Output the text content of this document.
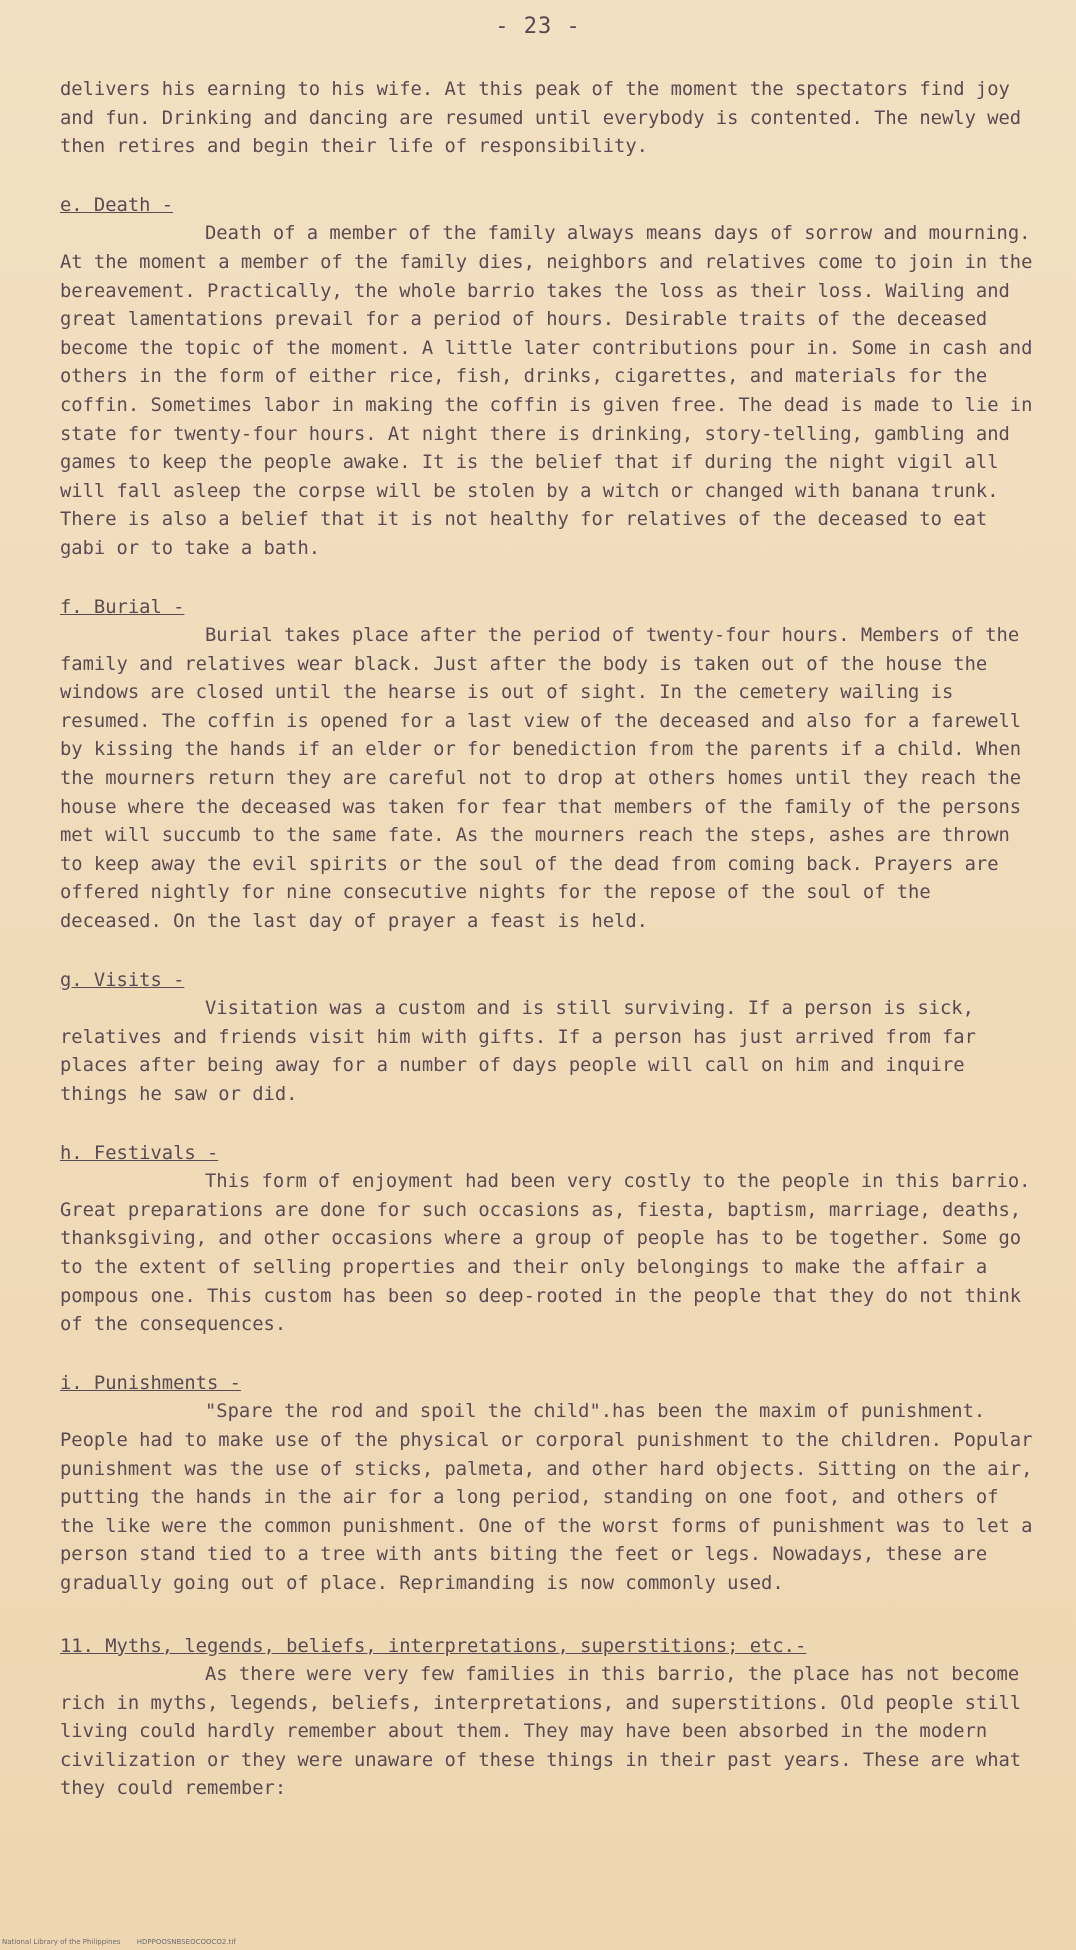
- 23 -

delivers his earning to his wife. At this peak of the moment the spectators find joy and fun. Drinking and dancing are resumed until everybody is contented. The newly wed then retires and begin their life of responsibility.

e. Death -

Death of a member of the family always means days of sorrow and mourning. At the moment a member of the family dies, neighbors and relatives come to join in the bereavement. Practically, the whole barrio takes the loss as their loss. Wailing and great lamentations prevail for a period of hours. Desirable traits of the deceased become the topic of the moment. A little later contributions pour in. Some in cash and others in the form of either rice, fish, drinks, cigarettes, and materials for the coffin. Sometimes labor in making the coffin is given free. The dead is made to lie in state for twenty-four hours. At night there is drinking, story-telling, gambling and games to keep the people awake. It is the belief that if during the night vigil all will fall asleep the corpse will be stolen by a witch or changed with banana trunk. There is also a belief that it is not healthy for relatives of the deceased to eat gabi or to take a bath.

f. Burial -

Burial takes place after the period of twenty-four hours. Members of the family and relatives wear black. Just after the body is taken out of the house the windows are closed until the hearse is out of sight. In the cemetery wailing is resumed. The coffin is opened for a last view of the deceased and also for a farewell by kissing the hands if an elder or for benediction from the parents if a child. When the mourners return they are careful not to drop at others homes until they reach the house where the deceased was taken for fear that members of the family of the persons met will succumb to the same fate. As the mourners reach the steps, ashes are thrown to keep away the evil spirits or the soul of the dead from coming back. Prayers are offered nightly for nine consecutive nights for the repose of the soul of the deceased. On the last day of prayer a feast is held.

g. Visits -

Visitation was a custom and is still surviving. If a person is sick, relatives and friends visit him with gifts. If a person has just arrived from far places after being away for a number of days people will call on him and inquire things he saw or did.

h. Festivals -

This form of enjoyment had been very costly to the people in this barrio. Great preparations are done for such occasions as, fiesta, baptism, marriage, deaths, thanksgiving, and other occasions where a group of people has to be together. Some go to the extent of selling properties and their only belongings to make the affair a pompous one. This custom has been so deep-rooted in the people that they do not think of the consequences.

i. Punishments -

"Spare the rod and spoil the child".has been the maxim of punishment. People had to make use of the physical or corporal punishment to the children. Popular punishment was the use of sticks, palmeta, and other hard objects. Sitting on the air, putting the hands in the air for a long period, standing on one foot, and others of the like were the common punishment. One of the worst forms of punishment was to let a person stand tied to a tree with ants biting the feet or legs. Nowadays, these are gradually going out of place. Reprimanding is now commonly used.

11. Myths, legends, beliefs, interpretations, superstitions; etc.-

As there were very few families in this barrio, the place has not become rich in myths, legends, beliefs, interpretations, and superstitions. Old people still living could hardly remember about them. They may have been absorbed in the modern civilization or they were unaware of these things in their past years. These are what they could remember:

National Library of the Philippines HDPPOOSNBSEOCOOCO2.tif
